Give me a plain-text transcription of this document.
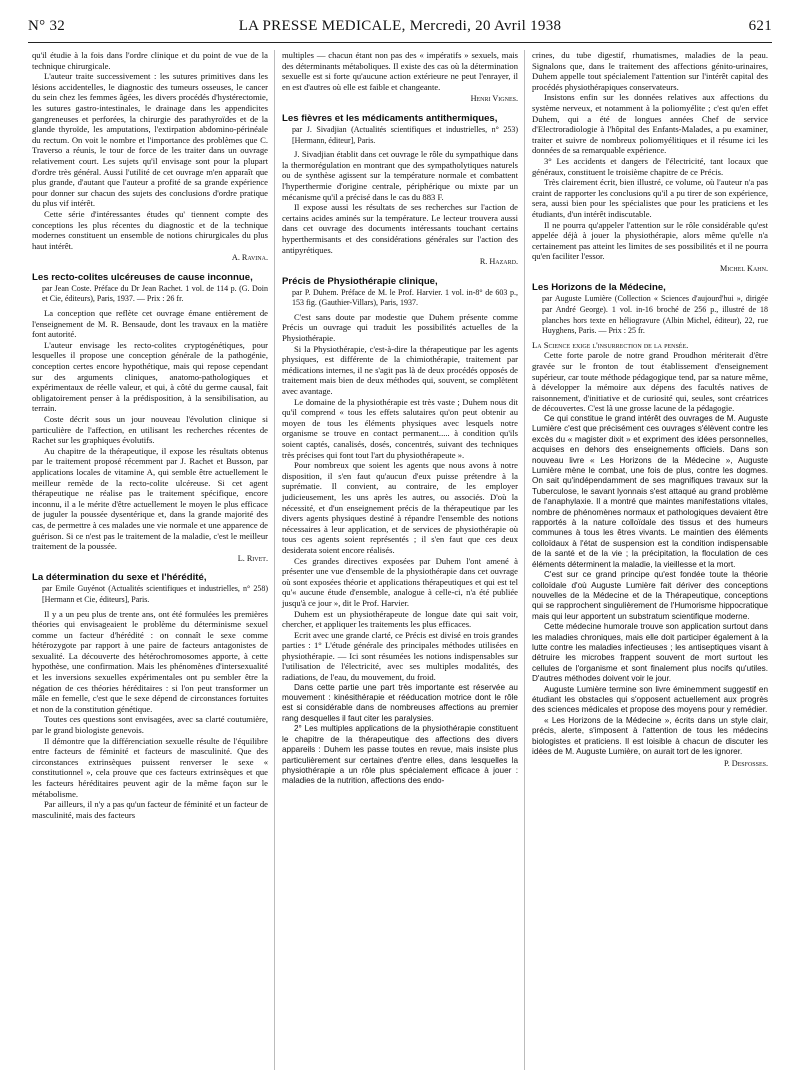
N° 32	LA PRESSE MEDICALE, Mercredi, 20 Avril 1938	621

qu'il étudie à la fois dans l'ordre clinique et du point de vue de la technique chirurgicale.

L'auteur traite successivement : les sutures primitives dans les lésions accidentelles, le diagnostic des tumeurs osseuses, le cancer du sein chez les femmes âgées, les divers procédés d'hystérectomie, les sutures gastro-intestinales, le drainage dans les appendicites gangreneuses et perforées, la chirurgie des parathyroïdes et de la glande thyroïde, les amputations, l'extirpation abdomino-périnéale du rectum. On voit le nombre et l'importance des problèmes que C. Traverso a réunis, le tour de force de les traiter dans un ouvrage relativement court. Les sujets qu'il envisage sont pour la plupart d'ordre très général. Aussi l'utilité de cet ouvrage m'en apparaît que plus grande, d'autant que l'auteur a profité de sa grande expérience pour donner sur chacun des sujets des conclusions d'ordre pratique du plus vif intérêt.

Cette série d'intéressantes études qu' tiennent compte des conceptions les plus récentes du diagnostic et de la technique modernes constituent un ensemble de notions chirurgicales du plus haut intérêt.

A. Ravina.

Les recto-colites ulcéreuses de cause inconnue,

par Jean Coste. Préface du Dr Jean Rachet. 1 vol. de 114 p. (G. Doin et Cie, éditeurs), Paris, 1937. — Prix : 26 fr.

La conception que reflète cet ouvrage émane entièrement de l'enseignement de M. R. Bensaude, dont les travaux en la matière font autorité.

L'auteur envisage les recto-colites cryptogénétiques, pour lesquelles il propose une conception générale de la pathogénie, conception certes encore hypothétique, mais qui repose cependant sur des arguments cliniques, anatomo-pathologiques et expérimentaux de réelle valeur, et qui, à côté du germe causal, fait obligatoirement penser à la prédisposition, à la sensibilisation, au terrain.

Coste décrit sous un jour nouveau l'évolution clinique si particulière de l'affection, en utilisant les recherches récentes de Rachet sur les graphiques évolutifs.

Au chapitre de la thérapeutique, il expose les résultats obtenus par le traitement proposé récemment par J. Rachet et Busson, par applications locales de vitamine A, qui semble être actuellement le meilleur remède de la recto-colite ulcéreuse. Si cet agent thérapeutique ne réalise pas le traitement spécifique, encore inconnu, il a le mérite d'être actuellement le moyen le plus efficace de juguler la poussée dysentérique et, dans la grande majorité des cas, de permettre à ces malades une vie normale et une apparence de guérison. Si ce n'est pas le traitement de la maladie, c'est le meilleur traitement de la poussée.

L. Rivet.

La détermination du sexe et l'hérédité,

par Emile Guyénot (Actualités scientifiques et industrielles, n° 258) [Hermann et Cie, éditeurs], Paris.

Il y a un peu plus de trente ans, ont été formulées les premières théories qui envisageaient le problème du déterminisme sexuel comme un facteur d'hérédité : on connaît le sexe comme hétérozygote par rapport à une paire de facteurs antagonistes de sexualité. La découverte des hétérochromosomes apporte, à cette hypothèse, une confirmation. Mais les phénomènes d'intersexualité et les inversions sexuelles expérimentales ont pu sembler être la négation de ces théories héréditaires : si l'on peut transformer un mâle en femelle, c'est que le sexe dépend de circonstances fortuites et non de la constitution génétique.

Toutes ces questions sont envisagées, avec sa clarté coutumière, par le grand biologiste genevois.

Il démontre que la différenciation sexuelle résulte de l'équilibre entre facteurs de féminité et facteurs de masculinité. Que des circonstances extrinsèques puissent renverser le sexe « constitutionnel », cela prouve que ces facteurs extrinsèques et que les facteurs héréditaires peuvent agir de la même façon sur le métabolisme.

Par ailleurs, il n'y a pas qu'un facteur de féminité et un facteur de masculinité, mais des facteurs

multiples — chacun étant non pas des « impératifs » sexuels, mais des déterminants métaboliques. Il existe des cas où la détermination sexuelle est si forte qu'aucune action extérieure ne peut l'enrayer, il en est d'autres où elle est faible et changeante.

Henri Vignes.

Les fièvres et les médicaments antithermiques,

par J. Sivadjian (Actualités scientifiques et industrielles, n° 253) [Hermann, éditeur], Paris.

J. Sivadjian établit dans cet ouvrage le rôle du sympathique dans la thermorégulation en montrant que des sympatholytiques naturels ou de synthèse agissent sur la température normale et combattent l'hyperthermie d'origine centrale, périphérique ou mixte par un mécanisme qu'il a précisé dans le cas du 883 F.

Il expose aussi les résultats de ses recherches sur l'action de certains acides aminés sur la température. Le lecteur trouvera aussi dans cet ouvrage des documents intéressants touchant certains hyperthermisants et des considérations générales sur l'action des antipyrétiques.

R. Hazard.

Précis de Physiothérapie clinique,

par P. Duhem. Préface de M. le Prof. Harvier. 1 vol. in-8° de 603 p., 153 fig. (Gauthier-Villars), Paris, 1937.

C'est sans doute par modestie que Duhem présente comme Précis un ouvrage qui traduit les possibilités actuelles de la Physiothérapie.

Si la Physiothérapie, c'est-à-dire la thérapeutique par les agents physiques, est différente de la chimiothérapie, traitement par médications internes, il ne s'agit pas là de deux procédés opposés de traitement mais bien de deux méthodes qui, souvent, se complètent avec avantage.

Le domaine de la physiothérapie est très vaste ; Duhem nous dit qu'il comprend « tous les effets salutaires qu'on peut obtenir au moyen de tous les éléments physiques avec lesquels notre organisme se trouve en contact permanent..... à condition qu'ils soient captés, canalisés, dosés, concentrés, suivant des techniques très précises qui font tout l'art du physiothérapeute ».

Pour nombreux que soient les agents que nous avons à notre disposition, il s'en faut qu'aucun d'eux puisse prétendre à la suprématie. Il convient, au contraire, de les employer judicieusement, les uns après les autres, ou associés. D'où la nécessité, et d'un enseignement précis de la thérapeutique par les divers agents physiques destiné à répandre l'ensemble des notions nécessaires à leur application, et de services de physiothérapie où tous ces agents soient représentés ; il s'en faut que ces deux desiderata soient encore réalisés.

Ces grandes directives exposées par Duhem l'ont amené à présenter une vue d'ensemble de la physiothérapie dans cet ouvrage où sont exposées théorie et applications thérapeutiques et qui est tel qu'« aucune étude d'ensemble, analogue à celle-ci, n'a été publiée jusqu'à ce jour », dit le Prof. Harvier.

Duhem est un physiothérapeute de longue date qui sait voir, chercher, et appliquer les traitements les plus efficaces.

Ecrit avec une grande clarté, ce Précis est divisé en trois grandes parties : 1° L'étude générale des principales méthodes utilisées en physiothérapie. — Ici sont résumées les notions indispensables sur l'utilisation de l'électricité, avec ses multiples modalités, des radiations, de l'eau, du mouvement, du froid.

Dans cette partie une part très importante est réservée au mouvement : kinésithérapie et rééducation motrice dont le rôle est si considérable dans de nombreuses affections au premier rang desquelles il faut citer les paralysies.

2° Les multiples applications de la physiothérapie constituent le chapitre de la thérapeutique des affections des divers appareils : Duhem les passe toutes en revue, mais insiste plus particulièrement sur certaines d'entre elles, dans lesquelles la physiothérapie a un rôle plus spécialement efficace à jouer : maladies de la nutrition, affections des endo-

crines, du tube digestif, rhumatismes, maladies de la peau. Signalons que, dans le traitement des affections génito-urinaires, Duhem appelle tout spécialement l'attention sur l'intérêt capital des procédés physiothérapiques conservateurs.

Insistons enfin sur les données relatives aux affections du système nerveux, et notamment à la poliomyélite ; c'est qu'en effet Duhem, qui a été de longues années Chef de service d'Electroradiologie à l'hôpital des Enfants-Malades, a pu examiner, traiter et suivre de nombreux poliomyélitiques et il résume ici les données de sa remarquable expérience.

3° Les accidents et dangers de l'électricité, tant locaux que généraux, constituent le troisième chapitre de ce Précis.

Très clairement écrit, bien illustré, ce volume, où l'auteur n'a pas craint de rapporter les conclusions qu'il a pu tirer de son expérience, sera, aussi bien pour les spécialistes que pour les praticiens et les étudiants, d'un intérêt indiscutable.

Il ne pourra qu'appeler l'attention sur le rôle considérable qu'est appelée déjà à jouer la physiothérapie, alors même qu'elle n'a certainement pas atteint les limites de ses possibilités et il ne pourra qu'en faciliter l'essor.

Michel Kahn.

Les Horizons de la Médecine,

par Auguste Lumière (Collection « Sciences d'aujourd'hui », dirigée par André George). 1 vol. in-16 broché de 256 p., illustré de 18 planches hors texte en héliogravure (Albin Michel, éditeur), 22, rue Huyghens, Paris. — Prix : 25 fr.

La Science exige l'insurrection de la pensée.

Cette forte parole de notre grand Proudhon mériterait d'être gravée sur le fronton de tout établissement d'enseignement supérieur, car toute méthode pédagogique tend, par sa nature même, à développer la mémoire aux dépens des facultés natives de raisonnement, d'initiative et de curiosité qui, seules, sont créatrices de découvertes. C'est là une grosse lacune de la pédagogie.

Ce qui constitue le grand intérêt des ouvrages de M. Auguste Lumière c'est que précisément ces ouvrages s'élèvent contre les excès du « magister dixit » et expriment des idées personnelles, acquises en dehors des enseignements officiels. Dans son nouveau livre « Les Horizons de la Médecine », Auguste Lumière mène le combat, une fois de plus, contre les dogmes. On sait qu'indépendamment de ses magnifiques travaux sur la Tuberculose, le savant lyonnais s'est attaqué au grand problème de l'anaphylaxie. Il a montré que maintes manifestations vitales, nombre de phénomènes normaux et pathologiques devaient être rapportés à la nature colloïdale des tissus et des humeurs communes à tous les êtres vivants. Le maintien des éléments colloïdaux à l'état de suspension est la condition indispensable de la santé et de la vie ; la précipitation, la floculation de ces éléments déterminent la maladie, la vieillesse et la mort.

C'est sur ce grand principe qu'est fondée toute la théorie colloïdale d'où Auguste Lumière fait dériver des conceptions nouvelles de la Médecine et de la Thérapeutique, conceptions qui se rapprochent singulièrement de l'Humorisme hippocratique mais qui leur apportent un substratum scientifique moderne.

Cette médecine humorale trouve son application surtout dans les maladies chroniques, mais elle doit participer également à la lutte contre les maladies infectieuses ; les antiseptiques visant à détruire les microbes frappent souvent de mort surtout les cellules de l'organisme et sont finalement plus nocifs qu'utiles. D'autres méthodes doivent voir le jour.

Auguste Lumière termine son livre éminemment suggestif en étudiant les obstacles qui s'opposent actuellement aux progrès des sciences médicales et propose des moyens pour y remédier.

« Les Horizons de la Médecine », écrits dans un style clair, précis, alerte, s'imposent à l'attention de tous les médecins biologistes et praticiens. Il est loisible à chacun de discuter les idées de M. Auguste Lumière, on aurait tort de les ignorer.

P. Desfosses.
